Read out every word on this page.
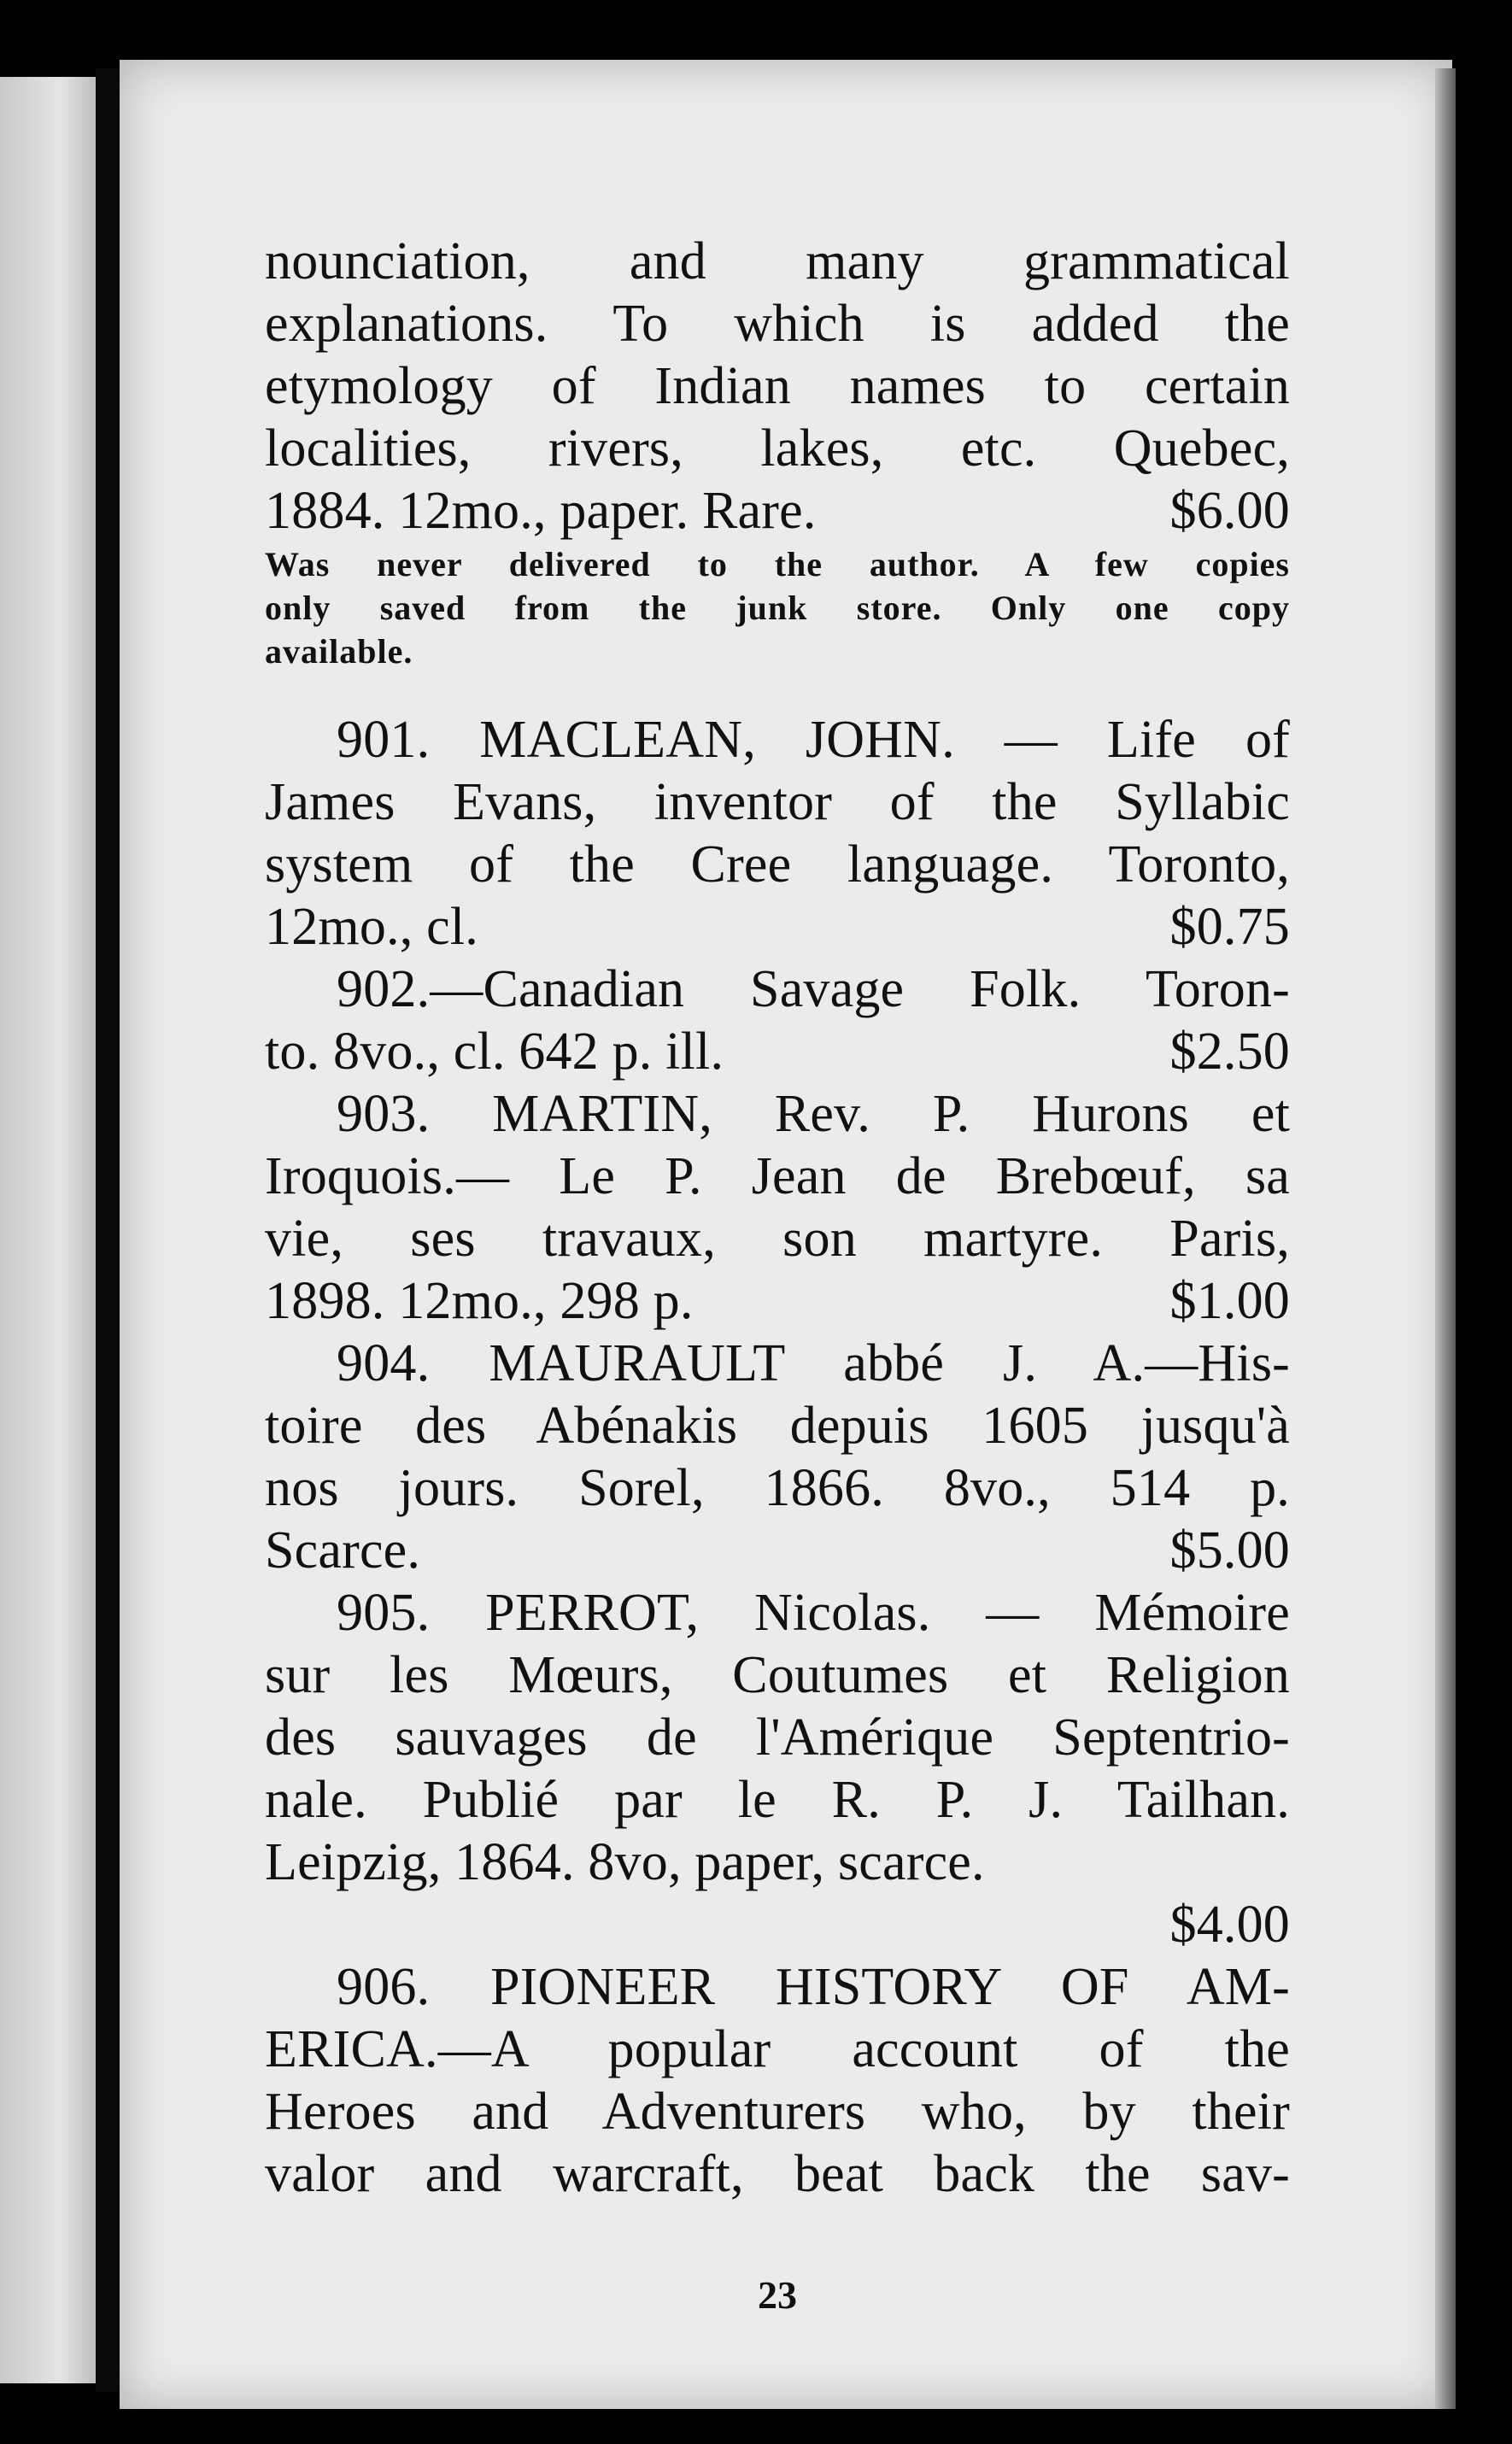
nounciation, and many grammatical
explanations. To which is added the
etymology of Indian names to certain
localities, rivers, lakes, etc. Quebec,
1884. 12mo., paper. Rare.	$6.00
Was never delivered to the author. A few copies
only saved from the junk store. Only one copy
available.
901. MACLEAN, JOHN. — Life of
James Evans, inventor of the Syllabic
system of the Cree language. Toronto,
12mo., cl.	$0.75
902.—Canadian Savage Folk. Toron-
to. 8vo., cl. 642 p. ill.	$2.50
903. MARTIN, Rev. P. Hurons et
Iroquois.— Le P. Jean de Brebœuf, sa
vie, ses travaux, son martyre. Paris,
1898. 12mo., 298 p.	$1.00
904. MAURAULT abbé J. A.—His-
toire des Abénakis depuis 1605 jusqu'à
nos jours. Sorel, 1866. 8vo., 514 p.
Scarce.	$5.00
905. PERROT, Nicolas. — Mémoire
sur les Mœurs, Coutumes et Religion
des sauvages de l'Amérique Septentrio-
nale. Publié par le R. P. J. Tailhan.
Leipzig, 1864. 8vo, paper, scarce.
$4.00
906. PIONEER HISTORY OF AM-
ERICA.—A popular account of the
Heroes and Adventurers who, by their
valor and warcraft, beat back the sav-
23
